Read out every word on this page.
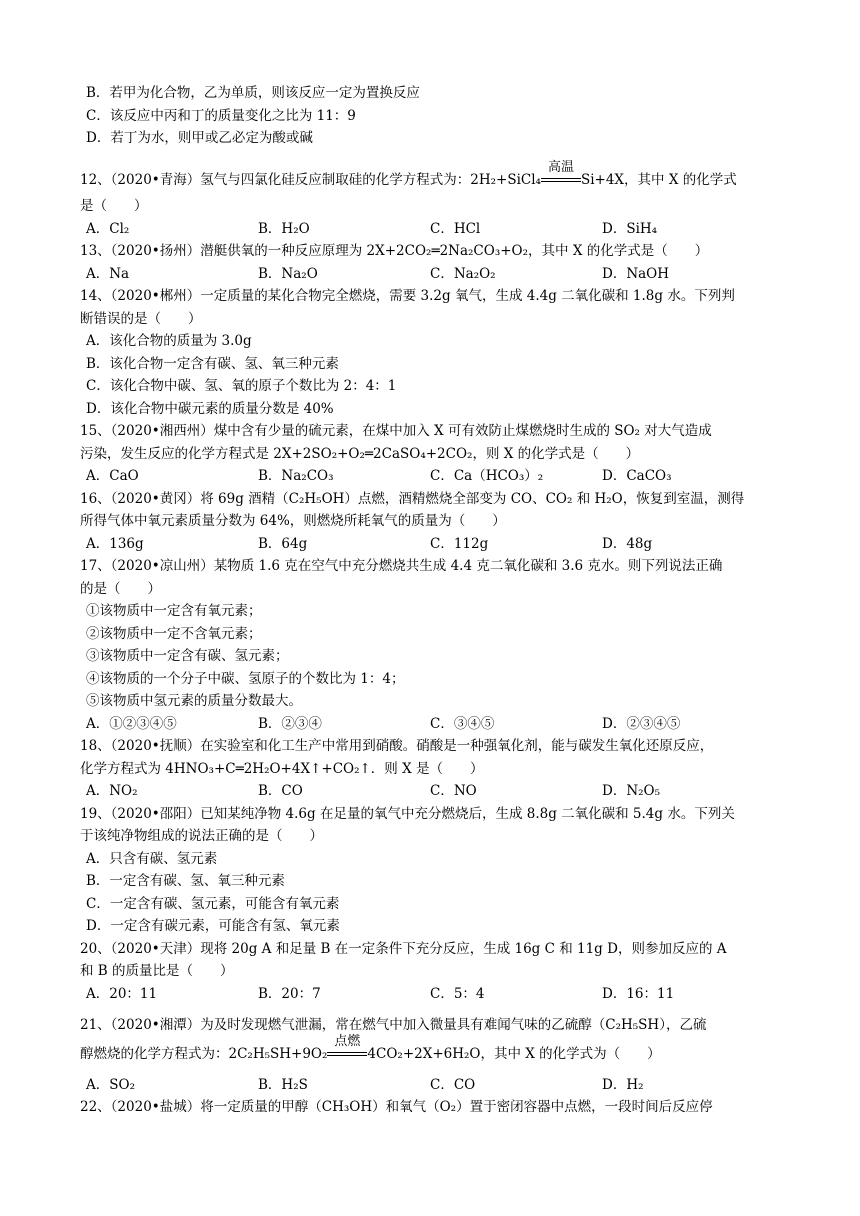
B．若甲为化合物，乙为单质，则该反应一定为置换反应
C．该反应中丙和丁的质量变化之比为 11：9
D．若丁为水，则甲或乙必定为酸或碱
12、（2020•青海）氢气与四氯化硅反应制取硅的化学方程式为：2H₂+SiCl₄
高温
Si+4X，其中 X 的化学式
是（　　）
A．Cl₂	B．H₂O	C．HCl	D．SiH₄
13、（2020•扬州）潜艇供氧的一种反应原理为 2X+2CO₂═2Na₂CO₃+O₂，其中 X 的化学式是（　　）
A．Na	B．Na₂O	C．Na₂O₂	D．NaOH
14、（2020•郴州）一定质量的某化合物完全燃烧，需要 3.2g 氧气，生成 4.4g 二氧化碳和 1.8g 水。下列判
断错误的是（　　）
A．该化合物的质量为 3.0g
B．该化合物一定含有碳、氢、氧三种元素
C．该化合物中碳、氢、氧的原子个数比为 2：4：1
D．该化合物中碳元素的质量分数是 40%
15、（2020•湘西州）煤中含有少量的硫元素，在煤中加入 X 可有效防止煤燃烧时生成的 SO₂ 对大气造成
污染，发生反应的化学方程式是 2X+2SO₂+O₂═2CaSO₄+2CO₂，则 X 的化学式是（　　）
A．CaO	B．Na₂CO₃	C．Ca（HCO₃）₂	D．CaCO₃
16、（2020•黄冈）将 69g 酒精（C₂H₅OH）点燃，酒精燃烧全部变为 CO、CO₂ 和 H₂O，恢复到室温，测得
所得气体中氧元素质量分数为 64%，则燃烧所耗氧气的质量为（　　）
A．136g	B．64g	C．112g	D．48g
17、（2020•凉山州）某物质 1.6 克在空气中充分燃烧共生成 4.4 克二氧化碳和 3.6 克水。则下列说法正确
的是（　　）
①该物质中一定含有氧元素；
②该物质中一定不含氧元素；
③该物质中一定含有碳、氢元素；
④该物质的一个分子中碳、氢原子的个数比为 1：4；
⑤该物质中氢元素的质量分数最大。
A．①②③④⑤	B．②③④	C．③④⑤	D．②③④⑤
18、（2020•抚顺）在实验室和化工生产中常用到硝酸。硝酸是一种强氧化剂，能与碳发生氧化还原反应，
化学方程式为 4HNO₃+C═2H₂O+4X↑+CO₂↑．则 X 是（　　）
A．NO₂	B．CO	C．NO	D．N₂O₅
19、（2020•邵阳）已知某纯净物 4.6g 在足量的氧气中充分燃烧后，生成 8.8g 二氧化碳和 5.4g 水。下列关
于该纯净物组成的说法正确的是（　　）
A．只含有碳、氢元素
B．一定含有碳、氢、氧三种元素
C．一定含有碳、氢元素，可能含有氧元素
D．一定含有碳元素，可能含有氢、氧元素
20、（2020•天津）现将 20g A 和足量 B 在一定条件下充分反应，生成 16g C 和 11g D，则参加反应的 A
和 B 的质量比是（　　）
A．20：11	B．20：7	C．5：4	D．16：11
21、（2020•湘潭）为及时发现燃气泄漏，常在燃气中加入微量具有难闻气味的乙硫醇（C₂H₅SH），乙硫
醇燃烧的化学方程式为：2C₂H₅SH+9O₂
点燃
4CO₂+2X+6H₂O，其中 X 的化学式为（　　）
A．SO₂	B．H₂S	C．CO	D．H₂
22、（2020•盐城）将一定质量的甲醇（CH₃OH）和氧气（O₂）置于密闭容器中点燃，一段时间后反应停
